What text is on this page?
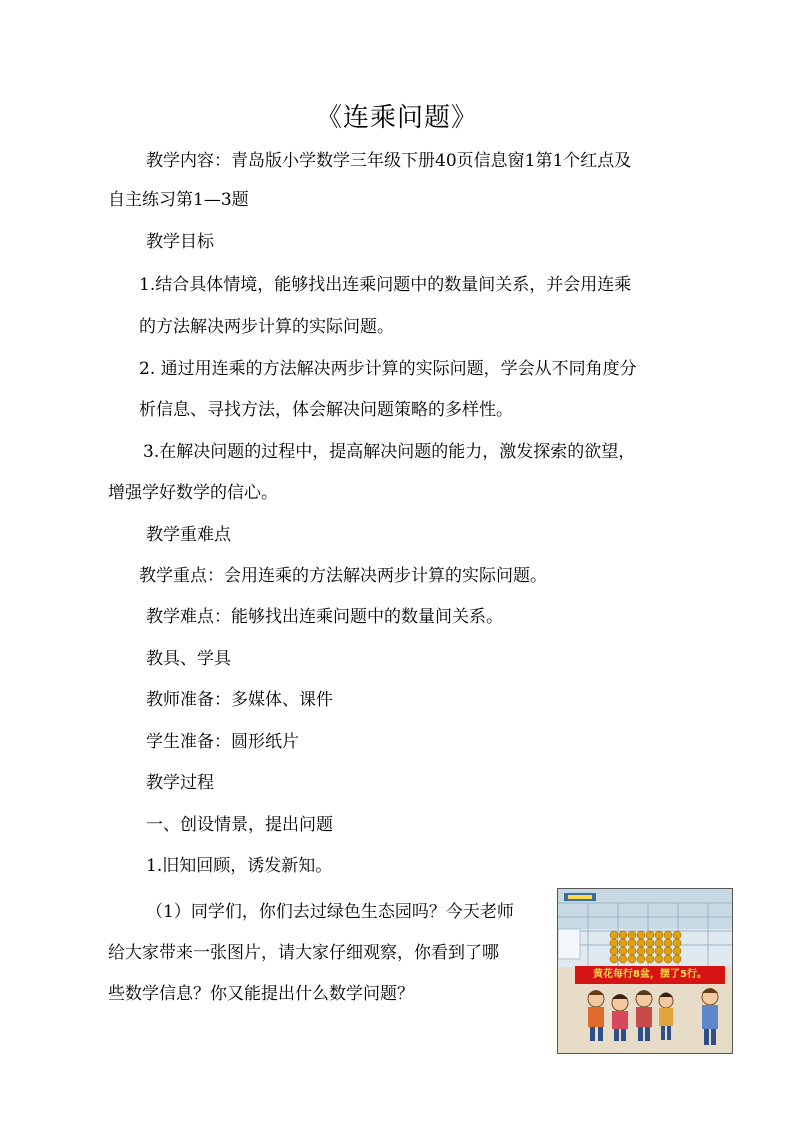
《连乘问题》
教学内容：青岛版小学数学三年级下册40页信息窗1第1个红点及
自主练习第1—3题
教学目标
1.结合具体情境，能够找出连乘问题中的数量间关系，并会用连乘
的方法解决两步计算的实际问题。
2. 通过用连乘的方法解决两步计算的实际问题，学会从不同角度分
析信息、寻找方法，体会解决问题策略的多样性。
3.在解决问题的过程中，提高解决问题的能力，激发探索的欲望，
增强学好数学的信心。
教学重难点
教学重点：会用连乘的方法解决两步计算的实际问题。
教学难点：能够找出连乘问题中的数量间关系。
教具、学具
教师准备：多媒体、课件
学生准备：圆形纸片
教学过程
一、创设情景，提出问题
1.旧知回顾，诱发新知。
（1）同学们，你们去过绿色生态园吗？今天老师
给大家带来一张图片，请大家仔细观察，你看到了哪
些数学信息？你又能提出什么数学问题？
黄花每行8盆，摆了5行。
